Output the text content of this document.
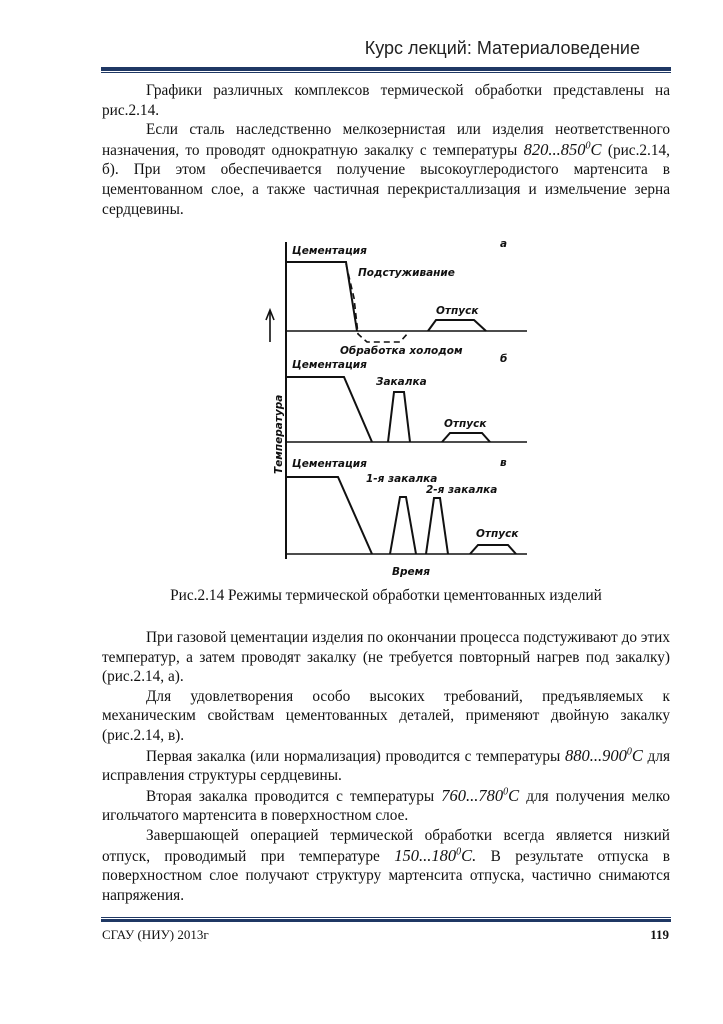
Курс лекций: Материаловедение

Графики различных комплексов термической обработки представлены на рис.2.14.

Если сталь наследственно мелкозернистая или изделия неответственного назначения, то проводят однократную закалку с температуры 820...850$^0$C (рис.2.14, б). При этом обеспечивается получение высокоуглеродистого мартенсита в цементованном слое, а также частичная перекристаллизация и измельчение зерна сердцевины.

Цементация
Подстуживание
Отпуск
Обработка холодом
а
Цементация
Закалка
Отпуск
б
Цементация
1-я закалка
2-я закалка
Отпуск
в
Температура
Время
Рис.2.14 Режимы термической обработки цементованных изделий

При газовой цементации изделия по окончании процесса подстуживают до этих температур, а затем проводят закалку (не требуется повторный нагрев под закалку) (рис.2.14, а).

Для удовлетворения особо высоких требований, предъявляемых к механическим свойствам цементованных деталей, применяют двойную закалку (рис.2.14, в).

Первая закалка (или нормализация) проводится с температуры 880...900$^0$C для исправления структуры сердцевины.

Вторая закалка проводится с температуры 760...780$^0$C для получения мелко игольчатого мартенсита в поверхностном слое.

Завершающей операцией термической обработки всегда является низкий отпуск, проводимый при температуре 150...180$^0$C. В результате отпуска в поверхностном слое получают структуру мартенсита отпуска, частично снимаются напряжения.

СГАУ (НИУ) 2013г	119
